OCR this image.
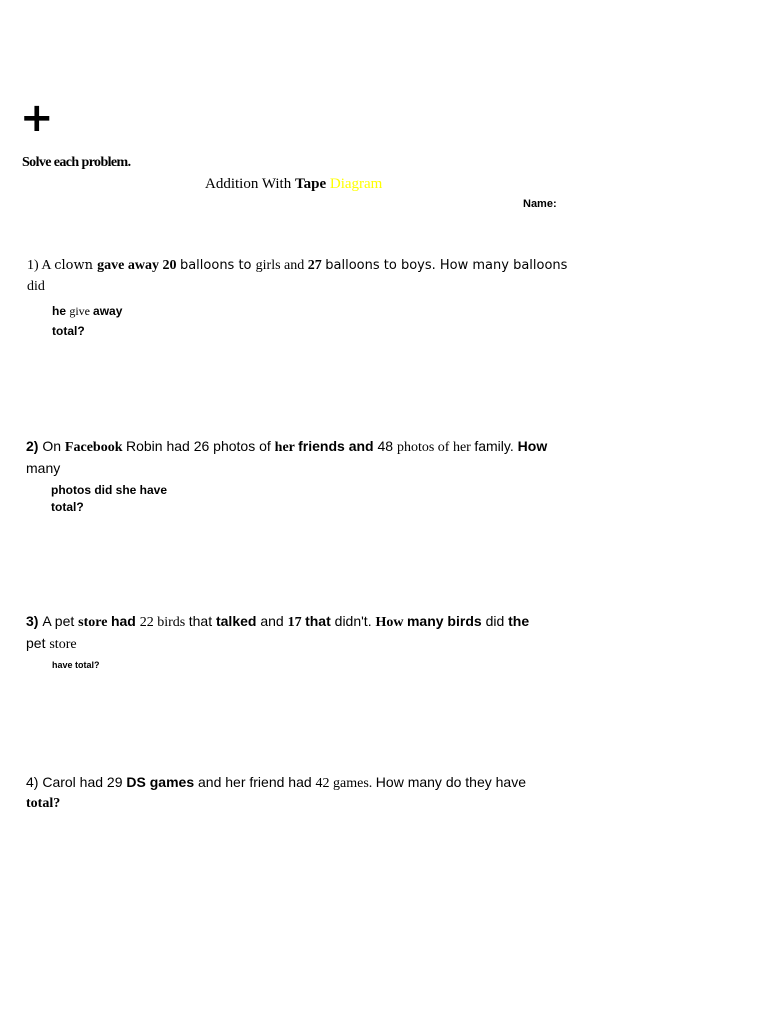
+
Solve each problem.
Addition With Tape Diagram
Name:
1) A clown gave away 20 balloons to girls and 27 balloons to boys. How many balloons
did
he give away
total?
2) On Facebook Robin had 26 photos of her friends and 48 photos of her family. How
many
photos did she have
total?
3) A pet store had 22 birds that talked and 17 that didn't. How many birds did the
pet store
have total?
4) Carol had 29 DS games and her friend had 42 games. How many do they have
total?
